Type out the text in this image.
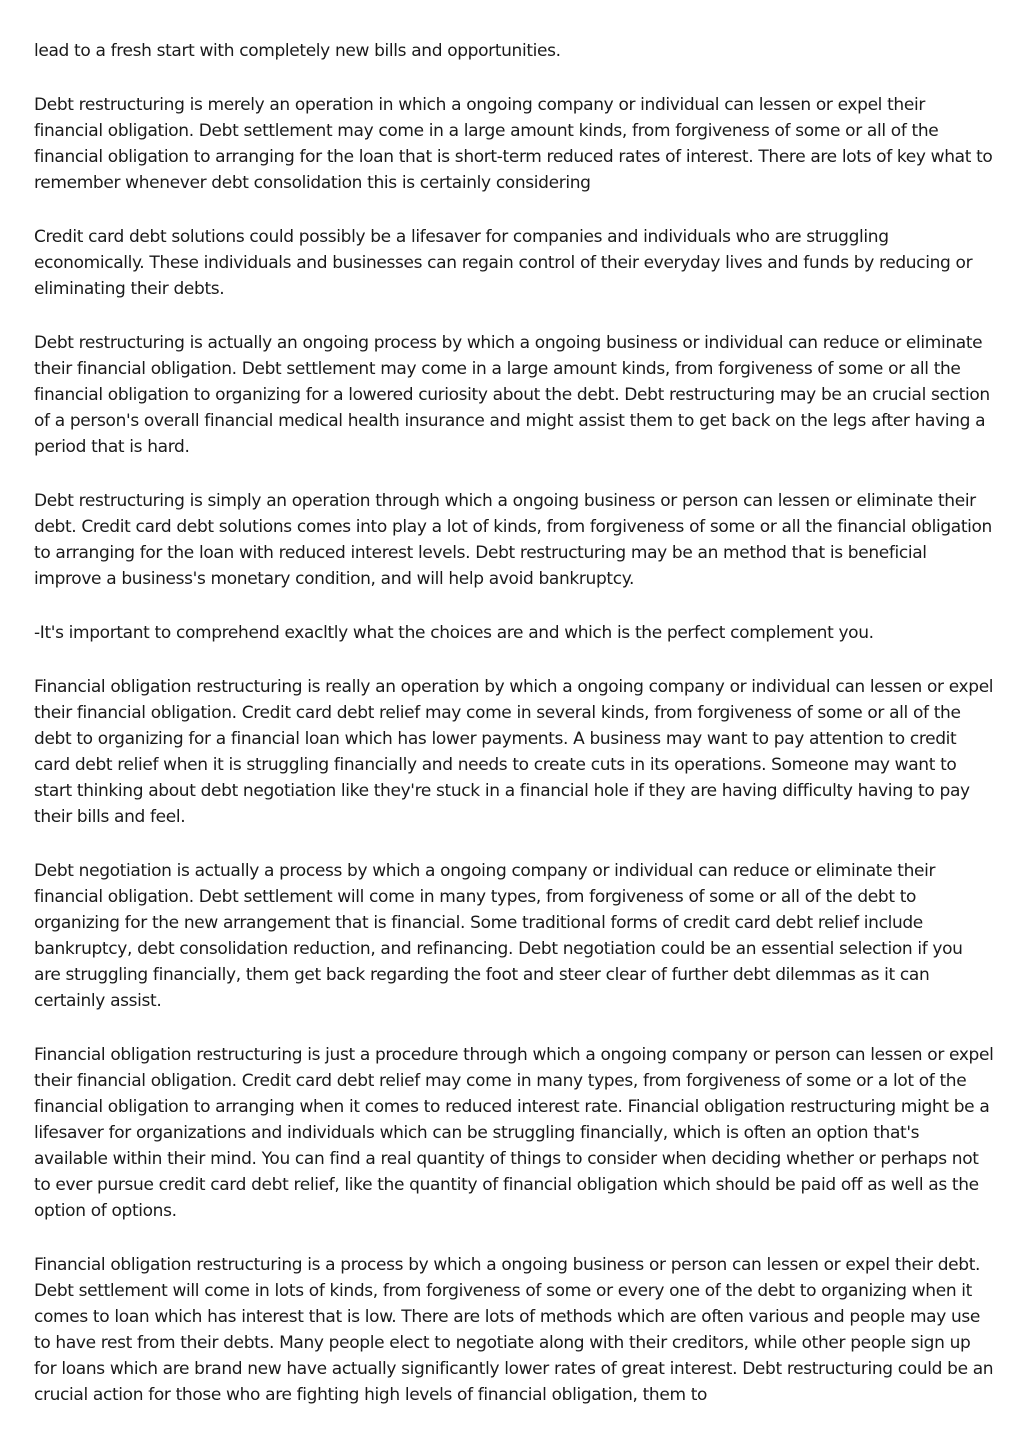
lead to a fresh start with completely new bills and opportunities.

Debt restructuring is merely an operation in which a ongoing company or individual can lessen or expel their financial obligation. Debt settlement may come in a large amount kinds, from forgiveness of some or all of the financial obligation to arranging for the loan that is short-term reduced rates of interest. There are lots of key what to remember whenever debt consolidation this is certainly considering

Credit card debt solutions could possibly be a lifesaver for companies and individuals who are struggling economically. These individuals and businesses can regain control of their everyday lives and funds by reducing or eliminating their debts.

Debt restructuring is actually an ongoing process by which a ongoing business or individual can reduce or eliminate their financial obligation. Debt settlement may come in a large amount kinds, from forgiveness of some or all the financial obligation to organizing for a lowered curiosity about the debt. Debt restructuring may be an crucial section of a person's overall financial medical health insurance and might assist them to get back on the legs after having a period that is hard.

Debt restructuring is simply an operation through which a ongoing business or person can lessen or eliminate their debt. Credit card debt solutions comes into play a lot of kinds, from forgiveness of some or all the financial obligation to arranging for the loan with reduced interest levels. Debt restructuring may be an method that is beneficial improve a business's monetary condition, and will help avoid bankruptcy.

-It's important to comprehend exacltly what the choices are and which is the perfect complement you.

Financial obligation restructuring is really an operation by which a ongoing company or individual can lessen or expel their financial obligation. Credit card debt relief may come in several kinds, from forgiveness of some or all of the debt to organizing for a financial loan which has lower payments. A business may want to pay attention to credit card debt relief when it is struggling financially and needs to create cuts in its operations. Someone may want to start thinking about debt negotiation like they're stuck in a financial hole if they are having difficulty having to pay their bills and feel.

Debt negotiation is actually a process by which a ongoing company or individual can reduce or eliminate their financial obligation. Debt settlement will come in many types, from forgiveness of some or all of the debt to organizing for the new arrangement that is financial. Some traditional forms of credit card debt relief include bankruptcy, debt consolidation reduction, and refinancing. Debt negotiation could be an essential selection if you are struggling financially, them get back regarding the foot and steer clear of further debt dilemmas as it can certainly assist.

Financial obligation restructuring is just a procedure through which a ongoing company or person can lessen or expel their financial obligation. Credit card debt relief may come in many types, from forgiveness of some or a lot of the financial obligation to arranging when it comes to reduced interest rate. Financial obligation restructuring might be a lifesaver for organizations and individuals which can be struggling financially, which is often an option that's available within their mind. You can find a real quantity of things to consider when deciding whether or perhaps not to ever pursue credit card debt relief, like the quantity of financial obligation which should be paid off as well as the option of options.

Financial obligation restructuring is a process by which a ongoing business or person can lessen or expel their debt. Debt settlement will come in lots of kinds, from forgiveness of some or every one of the debt to organizing when it comes to loan which has interest that is low. There are lots of methods which are often various and people may use to have rest from their debts. Many people elect to negotiate along with their creditors, while other people sign up for loans which are brand new have actually significantly lower rates of great interest. Debt restructuring could be an crucial action for those who are fighting high levels of financial obligation, them to
